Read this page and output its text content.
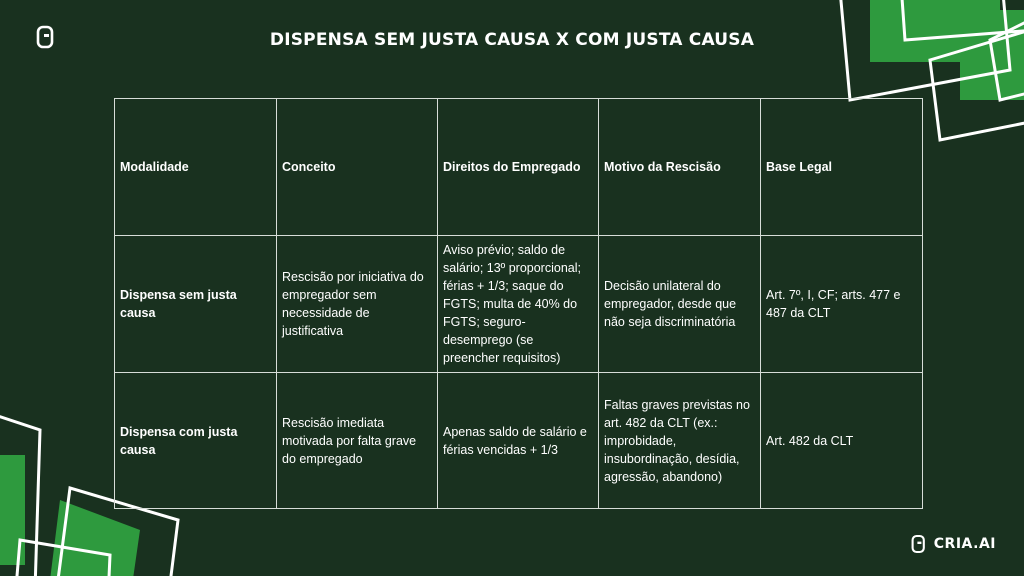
DISPENSA SEM JUSTA CAUSA X COM JUSTA CAUSA
Modalidade	Conceito	Direitos do Empregado	Motivo da Rescisão	Base Legal
Dispensa sem justa causa	Rescisão por iniciativa do empregador sem necessidade de justificativa	Aviso prévio; saldo de salário; 13º proporcional; férias + 1/3; saque do FGTS; multa de 40% do FGTS; seguro-desemprego (se preencher requisitos)	Decisão unilateral do empregador, desde que não seja discriminatória	Art. 7º, I, CF; arts. 477 e 487 da CLT
Dispensa com justa causa	Rescisão imediata motivada por falta grave do empregado	Apenas saldo de salário e férias vencidas + 1/3	Faltas graves previstas no art. 482 da CLT (ex.: improbidade, insubordinação, desídia, agressão, abandono)	Art. 482 da CLT
CRIA.AI
